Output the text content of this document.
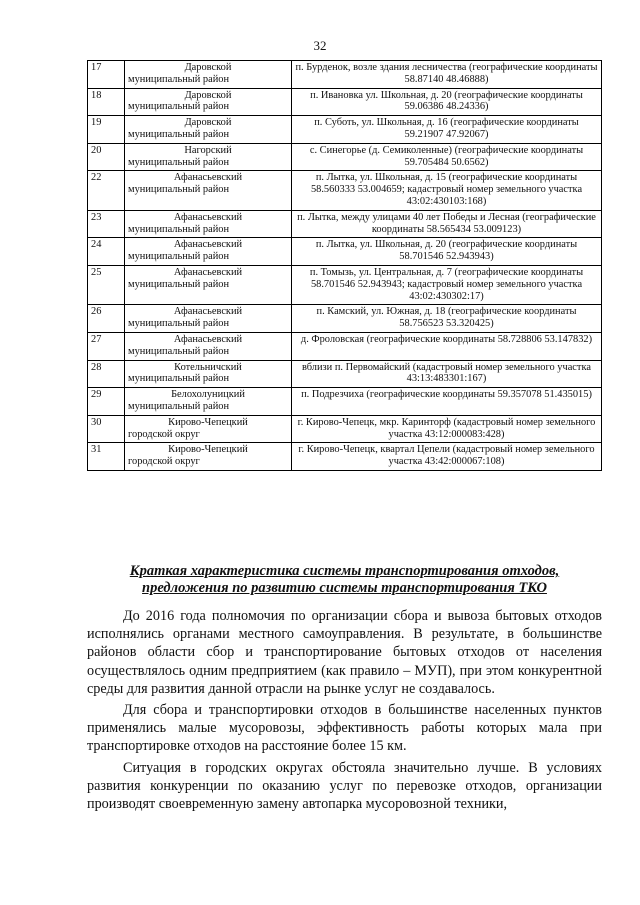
32
17	Даровской
муниципальный район	п. Бурденок, возле здания лесничества (географические координаты 58.87140 48.46888)
18	Даровской
муниципальный район	п. Ивановка ул. Школьная, д. 20 (географические координаты 59.06386 48.24336)
19	Даровской
муниципальный район	п. Суботь, ул. Школьная, д. 16 (географические координаты 59.21907 47.92067)
20	Нагорский
муниципальный район	с. Синегорье (д. Семиколенные) (географические координаты 59.705484 50.6562)
22	Афанасьевский
муниципальный район	п. Лытка, ул. Школьная, д. 15 (географические координаты 58.560333 53.004659; кадастровый номер земельного участка 43:02:430103:168)
23	Афанасьевский
муниципальный район	п. Лытка, между улицами 40 лет Победы и Лесная (географические координаты 58.565434 53.009123)
24	Афанасьевский
муниципальный район	п. Лытка, ул. Школьная, д. 20 (географические координаты 58.701546 52.943943)
25	Афанасьевский
муниципальный район	п. Томызь, ул. Центральная, д. 7 (географические координаты 58.701546 52.943943; кадастровый номер земельного участка 43:02:430302:17)
26	Афанасьевский
муниципальный район	п. Камский, ул. Южная, д. 18 (географические координаты 58.756523 53.320425)
27	Афанасьевский
муниципальный район	д. Фроловская (географические координаты 58.728806 53.147832)
28	Котельничский
муниципальный район	вблизи п. Первомайский (кадастровый номер земельного участка 43:13:483301:167)
29	Белохолуницкий
муниципальный район	п. Подрезчиха (географические координаты 59.357078 51.435015)
30	Кирово-Чепецкий
городской округ	г. Кирово-Чепецк, мкр. Каринторф (кадастровый номер земельного участка 43:12:000083:428)
31	Кирово-Чепецкий
городской округ	г. Кирово-Чепецк, квартал Цепели (кадастровый номер земельного участка 43:42:000067:108)
Краткая характеристика системы транспортирования отходов,
предложения по развитию системы транспортирования ТКО

До 2016 года полномочия по организации сбора и вывоза бытовых отходов исполнялись органами местного самоуправления. В результате, в большинстве районов области сбор и транспортирование бытовых отходов от населения осуществлялось одним предприятием (как правило – МУП), при этом конкурентной среды для развития данной отрасли на рынке услуг не создавалось.

Для сбора и транспортировки отходов в большинстве населенных пунктов применялись малые мусоровозы, эффективность работы которых мала при транспортировке отходов на расстояние более 15 км.

Ситуация в городских округах обстояла значительно лучше. В условиях развития конкуренции по оказанию услуг по перевозке отходов, организации производят своевременную замену автопарка мусоровозной техники,
